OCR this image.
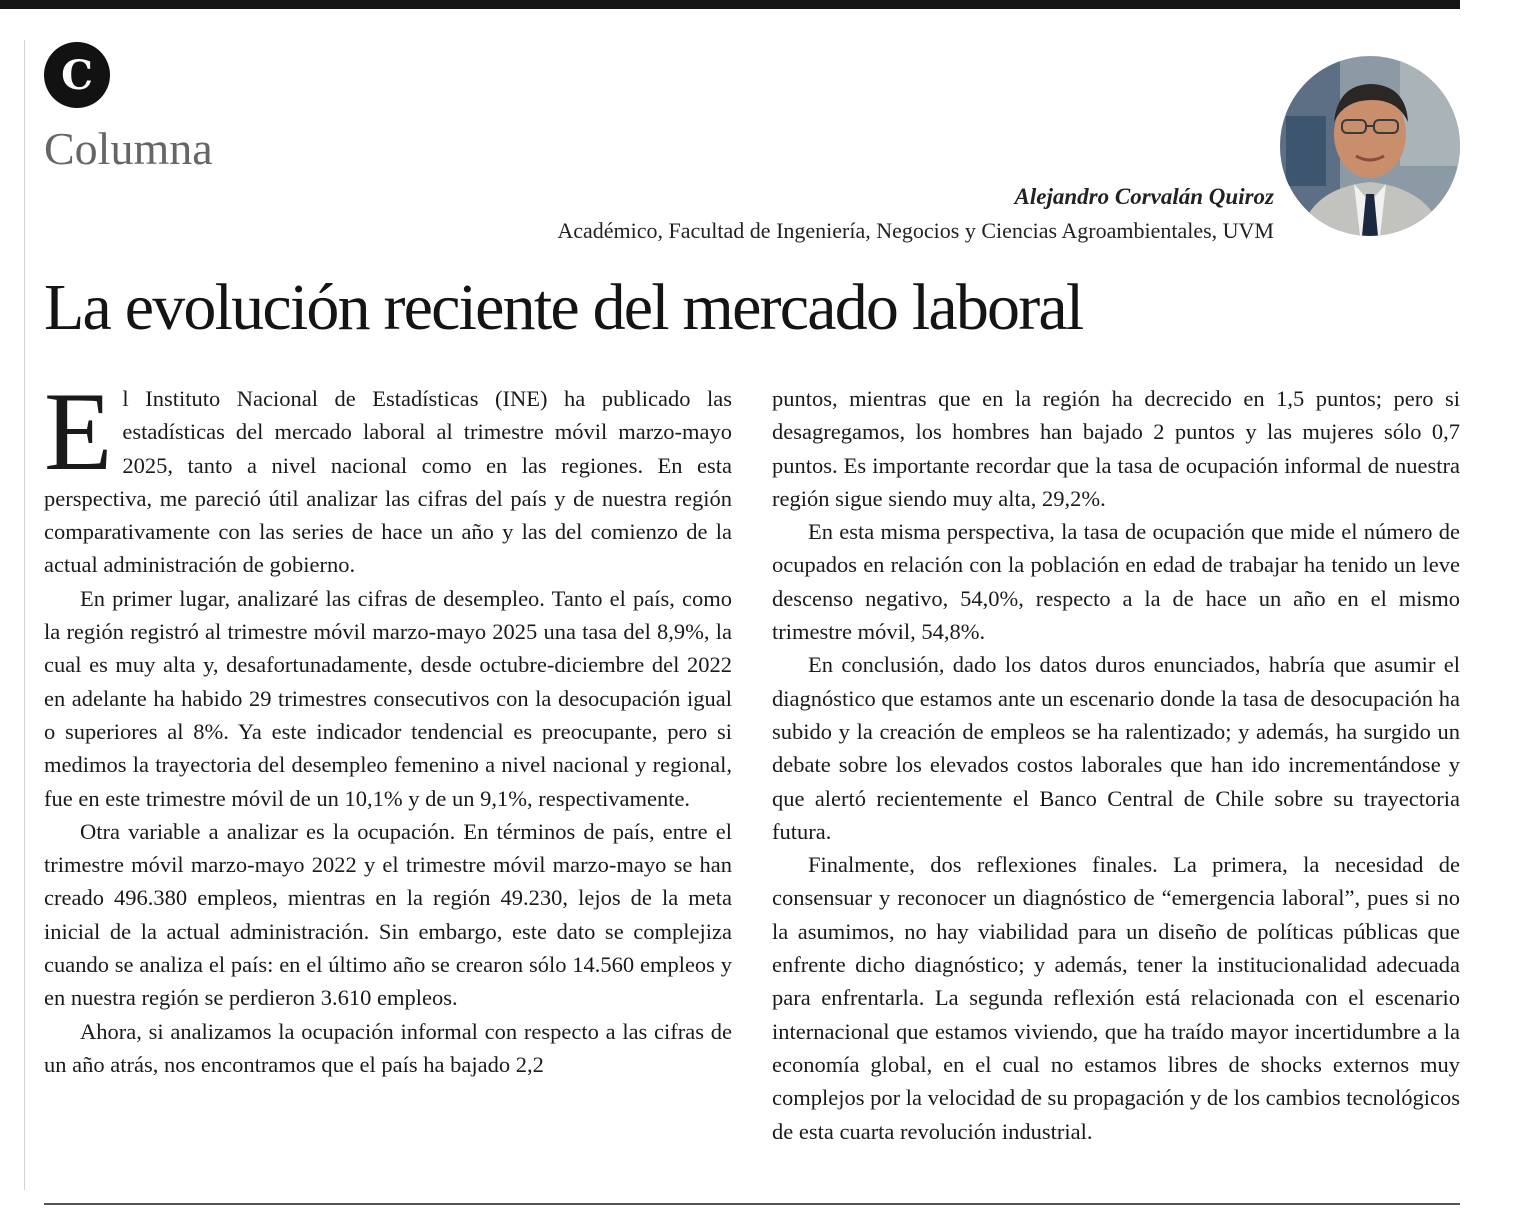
C
Columna
Alejandro Corvalán Quiroz
Académico, Facultad de Ingeniería, Negocios y Ciencias Agroambientales, UVM
La evolución reciente del mercado laboral

El Instituto Nacional de Estadísticas (INE) ha publicado las estadísticas del mercado laboral al trimestre móvil marzo-mayo 2025, tanto a nivel nacional como en las regiones. En esta perspectiva, me pareció útil analizar las cifras del país y de nuestra región comparativamente con las series de hace un año y las del comienzo de la actual administración de gobierno.

En primer lugar, analizaré las cifras de desempleo. Tanto el país, como la región registró al trimestre móvil marzo-mayo 2025 una tasa del 8,9%, la cual es muy alta y, desafortunadamente, desde octubre-diciembre del 2022 en adelante ha habido 29 trimestres consecutivos con la desocupación igual o superiores al 8%. Ya este indicador tendencial es preocupante, pero si medimos la trayectoria del desempleo femenino a nivel nacional y regional, fue en este trimestre móvil de un 10,1% y de un 9,1%, respectivamente.

Otra variable a analizar es la ocupación. En términos de país, entre el trimestre móvil marzo-mayo 2022 y el trimestre móvil marzo-mayo se han creado 496.380 empleos, mientras en la región 49.230, lejos de la meta inicial de la actual administración. Sin embargo, este dato se complejiza cuando se analiza el país: en el último año se crearon sólo 14.560 empleos y en nuestra región se perdieron 3.610 empleos.

Ahora, si analizamos la ocupación informal con respecto a las cifras de un año atrás, nos encontramos que el país ha bajado 2,2

puntos, mientras que en la región ha decrecido en 1,5 puntos; pero si desagregamos, los hombres han bajado 2 puntos y las mujeres sólo 0,7 puntos. Es importante recordar que la tasa de ocupación informal de nuestra región sigue siendo muy alta, 29,2%.

En esta misma perspectiva, la tasa de ocupación que mide el número de ocupados en relación con la población en edad de trabajar ha tenido un leve descenso negativo, 54,0%, respecto a la de hace un año en el mismo trimestre móvil, 54,8%.

En conclusión, dado los datos duros enunciados, habría que asumir el diagnóstico que estamos ante un escenario donde la tasa de desocupación ha subido y la creación de empleos se ha ralentizado; y además, ha surgido un debate sobre los elevados costos laborales que han ido incrementándose y que alertó recientemente el Banco Central de Chile sobre su trayectoria futura.

Finalmente, dos reflexiones finales. La primera, la necesidad de consensuar y reconocer un diagnóstico de “emergencia laboral”, pues si no la asumimos, no hay viabilidad para un diseño de políticas públicas que enfrente dicho diagnóstico; y además, tener la institucionalidad adecuada para enfrentarla. La segunda reflexión está relacionada con el escenario internacional que estamos viviendo, que ha traído mayor incertidumbre a la economía global, en el cual no estamos libres de shocks externos muy complejos por la velocidad de su propagación y de los cambios tecnológicos de esta cuarta revolución industrial.
